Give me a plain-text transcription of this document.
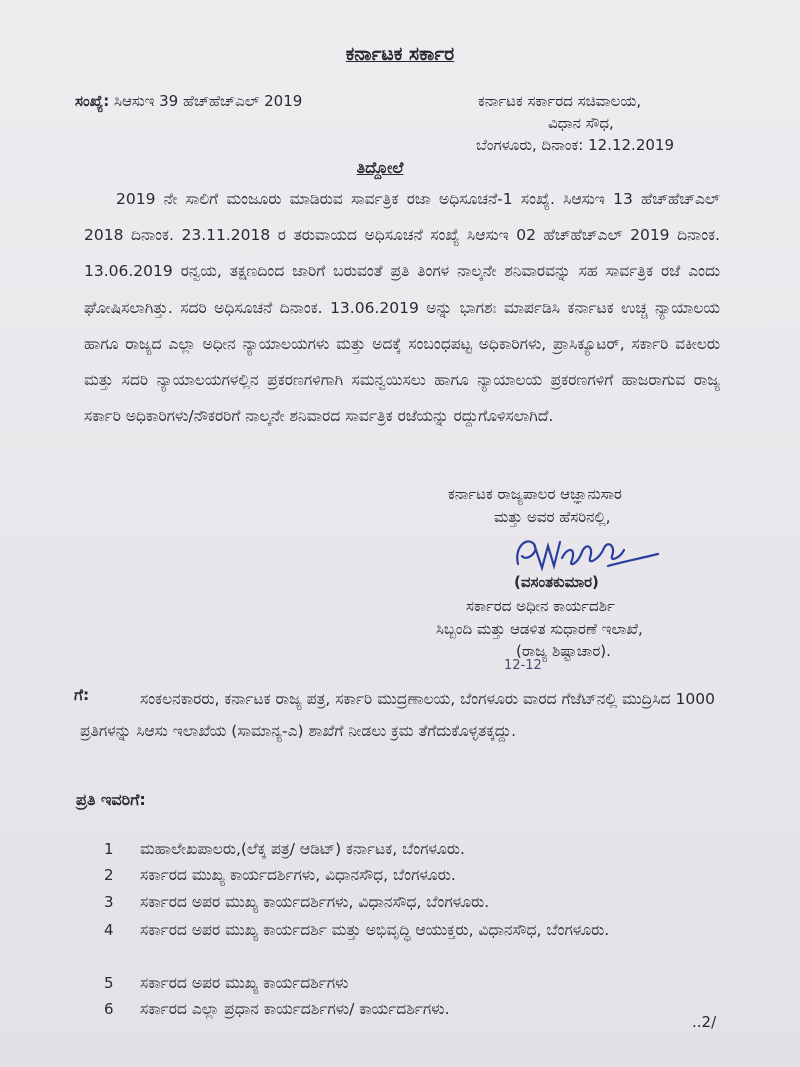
ಕರ್ನಾಟಕ ಸರ್ಕಾರ
ಸಂಖ್ಯೆ: ಸಿಆಸುಇ 39 ಹೆಚ್‌ಹೆಚ್‌ಎಲ್ 2019	ಕರ್ನಾಟಕ ಸರ್ಕಾರದ ಸಚಿವಾಲಯ,
ವಿಧಾನ ಸೌಧ,
ಬೆಂಗಳೂರು, ದಿನಾಂಕ: 12.12.2019
ತಿದ್ದೋಲೆ
2019 ನೇ ಸಾಲಿಗೆ ಮಂಜೂರು ಮಾಡಿರುವ ಸಾರ್ವತ್ರಿಕ ರಜಾ ಅಧಿಸೂಚನೆ-1 ಸಂಖ್ಯೆ. ಸಿಆಸುಇ 13 ಹೆಚ್‌ಹೆಚ್‌ಎಲ್ 2018 ದಿನಾಂಕ. 23.11.2018 ರ ತರುವಾಯದ ಅಧಿಸೂಚನೆ ಸಂಖ್ಯೆ ಸಿಆಸುಇ 02 ಹೆಚ್‌ಹೆಚ್‌ಎಲ್ 2019 ದಿನಾಂಕ. 13.06.2019 ರನ್ವಯ, ತಕ್ಷಣದಿಂದ ಜಾರಿಗೆ ಬರುವಂತೆ ಪ್ರತಿ ತಿಂಗಳ ನಾಲ್ಕನೇ ಶನಿವಾರವನ್ನು ಸಹ ಸಾರ್ವತ್ರಿಕ ರಜೆ ಎಂದು ಘೋಷಿಸಲಾಗಿತ್ತು. ಸದರಿ ಅಧಿಸೂಚನೆ ದಿನಾಂಕ. 13.06.2019 ಅನ್ನು ಭಾಗಶಃ ಮಾರ್ಪಡಿಸಿ ಕರ್ನಾಟಕ ಉಚ್ಚ ನ್ಯಾಯಾಲಯ ಹಾಗೂ ರಾಜ್ಯದ ಎಲ್ಲಾ ಅಧೀನ ನ್ಯಾಯಾಲಯಗಳು ಮತ್ತು ಅದಕ್ಕೆ ಸಂಬಂಧಪಟ್ಟ ಅಧಿಕಾರಿಗಳು, ಪ್ರಾಸಿಕ್ಯೂಟರ್, ಸರ್ಕಾರಿ ವಕೀಲರು ಮತ್ತು ಸದರಿ ನ್ಯಾಯಾಲಯಗಳಲ್ಲಿನ ಪ್ರಕರಣಗಳಿಗಾಗಿ ಸಮನ್ವಯಿಸಲು ಹಾಗೂ ನ್ಯಾಯಾಲಯ ಪ್ರಕರಣಗಳಿಗೆ ಹಾಜರಾಗುವ ರಾಜ್ಯ ಸರ್ಕಾರಿ ಅಧಿಕಾರಿಗಳು/ನೌಕರರಿಗೆ ನಾಲ್ಕನೇ ಶನಿವಾರದ ಸಾರ್ವತ್ರಿಕ ರಜೆಯನ್ನು ರದ್ದುಗೊಳಿಸಲಾಗಿದೆ.
ಕರ್ನಾಟಕ ರಾಜ್ಯಪಾಲರ ಆಜ್ಞಾನುಸಾರ
ಮತ್ತು ಅವರ ಹೆಸರಿನಲ್ಲಿ,
(ವಸಂತಕುಮಾರ)
ಸರ್ಕಾರದ ಅಧೀನ ಕಾರ್ಯದರ್ಶಿ
ಸಿಬ್ಬಂದಿ ಮತ್ತು ಆಡಳಿತ ಸುಧಾರಣೆ ಇಲಾಖೆ,
(ರಾಜ್ಯ ಶಿಷ್ಟಾಚಾರ).
12-12
ಗೆ:	ಸಂಕಲನಕಾರರು, ಕರ್ನಾಟಕ ರಾಜ್ಯ ಪತ್ರ, ಸರ್ಕಾರಿ ಮುದ್ರಣಾಲಯ, ಬೆಂಗಳೂರು ವಾರದ ಗೆಜೆಟ್‌ನಲ್ಲಿ ಮುದ್ರಿಸಿದ 1000 ಪ್ರತಿಗಳನ್ನು ಸಿಆಸು ಇಲಾಖೆಯ (ಸಾಮಾನ್ಯ-ಎ) ಶಾಖೆಗೆ ನೀಡಲು ಕ್ರಮ ತೆಗೆದುಕೊಳ್ಳತಕ್ಕದ್ದು.
ಪ್ರತಿ ಇವರಿಗೆ:
1 ಮಹಾಲೇಖಪಾಲರು,(ಲೆಕ್ಕ ಪತ್ರ/ ಆಡಿಟ್) ಕರ್ನಾಟಕ, ಬೆಂಗಳೂರು.
2 ಸರ್ಕಾರದ ಮುಖ್ಯ ಕಾರ್ಯದರ್ಶಿಗಳು, ವಿಧಾನಸೌಧ, ಬೆಂಗಳೂರು.
3 ಸರ್ಕಾರದ ಅಪರ ಮುಖ್ಯ ಕಾರ್ಯದರ್ಶಿಗಳು, ವಿಧಾನಸೌಧ, ಬೆಂಗಳೂರು.
4 ಸರ್ಕಾರದ ಅಪರ ಮುಖ್ಯ ಕಾರ್ಯದರ್ಶಿ ಮತ್ತು ಅಭಿವೃದ್ಧಿ ಆಯುಕ್ತರು, ವಿಧಾನಸೌಧ, ಬೆಂಗಳೂರು.
5 ಸರ್ಕಾರದ ಅಪರ ಮುಖ್ಯ ಕಾರ್ಯದರ್ಶಿಗಳು
6 ಸರ್ಕಾರದ ಎಲ್ಲಾ ಪ್ರಧಾನ ಕಾರ್ಯದರ್ಶಿಗಳು/ ಕಾರ್ಯದರ್ಶಿಗಳು.
..2/
